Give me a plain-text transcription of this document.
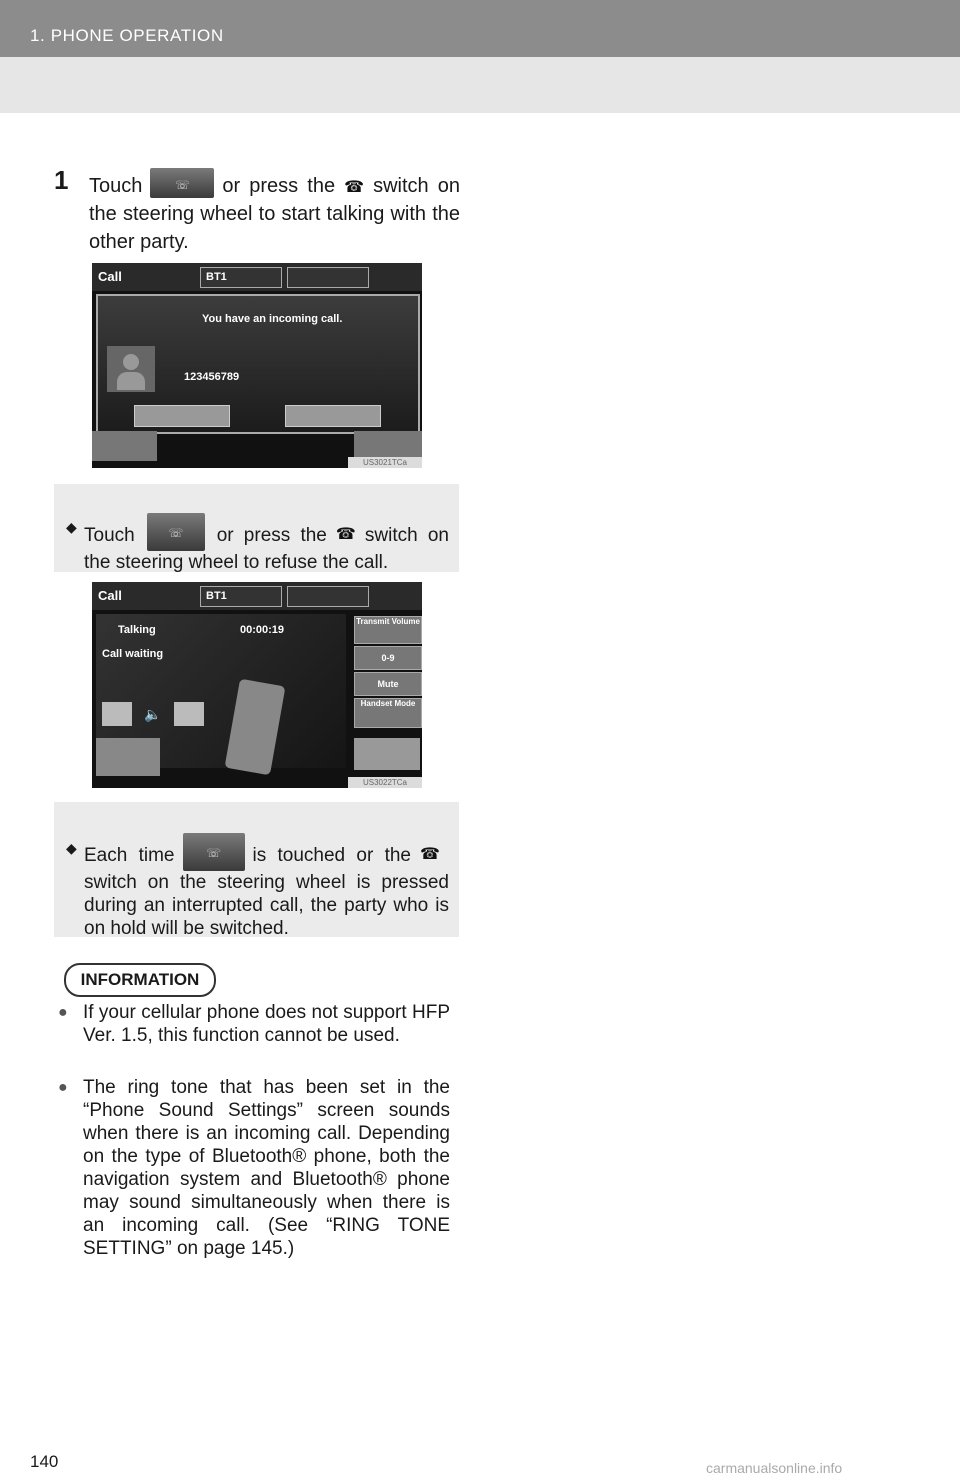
1. PHONE OPERATION
1 Touch	☏	or press the ☎ switch on the steering wheel to start talking with the other party.
Call	BT1
You have an incoming call.
123456789
US3021TCa
◆ Touch	☏	or press the ☎ switch on the steering wheel to refuse the call.
Call	BT1
Talking	00:00:19
Call waiting
🔈
Transmit Volume
0-9
Mute
Handset Mode
US3022TCa
◆ Each time	☏	is touched or the ☎
switch on the steering wheel is pressed during an interrupted call, the party who is on hold will be switched.
INFORMATION
● If your cellular phone does not support HFP Ver. 1.5, this function cannot be used.
● The ring tone that has been set in the “Phone Sound Settings” screen sounds when there is an incoming call. Depending on the type of Bluetooth® phone, both the navigation system and Bluetooth® phone may sound simultaneously when there is an incoming call. (See “RING TONE SETTING” on page 145.)
140	carmanualsonline.info
